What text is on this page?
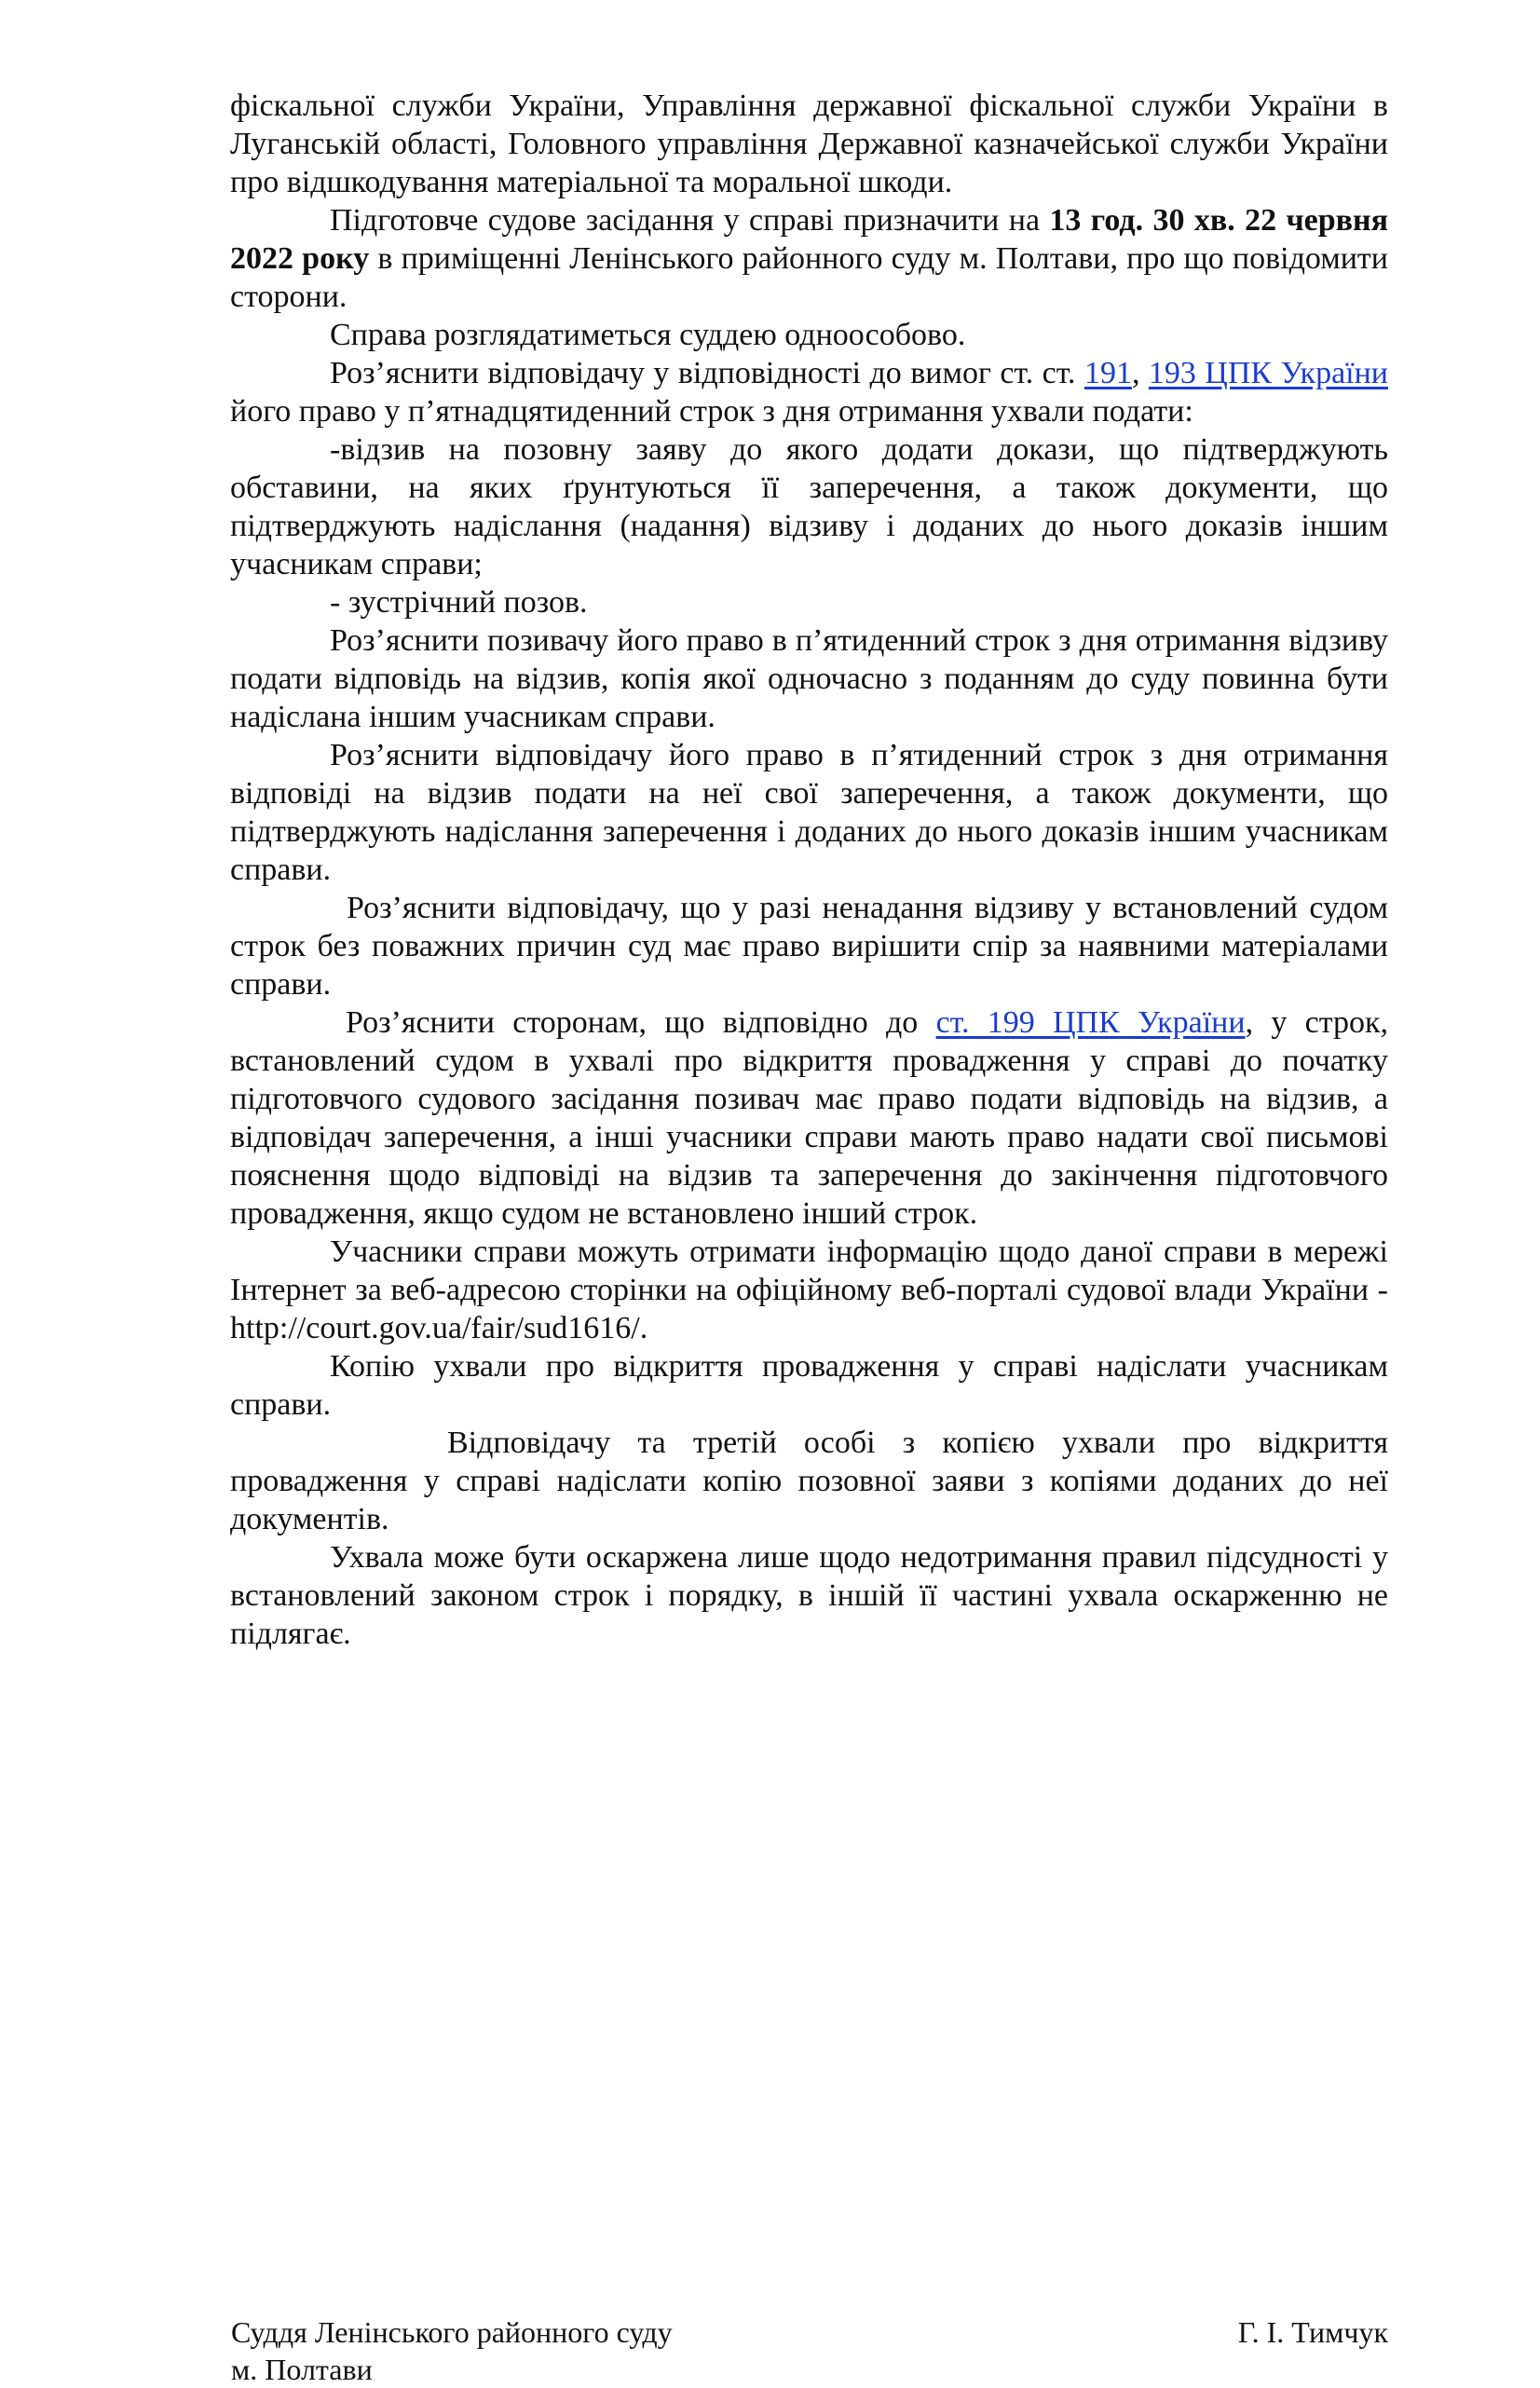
фіскальної служби України, Управління державної фіскальної служби України в Луганській області, Головного управління Державної казначейської служби України про відшкодування матеріальної та моральної шкоди.

Підготовче судове засідання у справі призначити на 13 год. 30 хв. 22 червня 2022 року в приміщенні Ленінського районного суду м. Полтави, про що повідомити сторони.

Справа розглядатиметься суддею одноособово.

Роз’яснити відповідачу у відповідності до вимог ст. ст. 191, 193 ЦПК України його право у п’ятнадцятиденний строк з дня отримання ухвали подати:

-відзив на позовну заяву до якого додати докази, що підтверджують обставини, на яких ґрунтуються її заперечення, а також документи, що підтверджують надіслання (надання) відзиву і доданих до нього доказів іншим учасникам справи;

- зустрічний позов.

Роз’яснити позивачу його право в п’ятиденний строк з дня отримання відзиву подати відповідь на відзив, копія якої одночасно з поданням до суду повинна бути надіслана іншим учасникам справи.

Роз’яснити відповідачу його право в п’ятиденний строк з дня отримання відповіді на відзив подати на неї свої заперечення, а також документи, що підтверджують надіслання заперечення і доданих до нього доказів іншим учасникам справи.

Роз’яснити відповідачу, що у разі ненадання відзиву у встановлений судом строк без поважних причин суд має право вирішити спір за наявними матеріалами справи.

Роз’яснити сторонам, що відповідно до ст. 199 ЦПК України, у строк, встановлений судом в ухвалі про відкриття провадження у справі до початку підготовчого судового засідання позивач має право подати відповідь на відзив, а відповідач заперечення, а інші учасники справи мають право надати свої письмові пояснення щодо відповіді на відзив та заперечення до закінчення підготовчого провадження, якщо судом не встановлено інший строк.

Учасники справи можуть отримати інформацію щодо даної справи в мережі Інтернет за веб-адресою сторінки на офіційному веб-порталі судової влади України - http://court.gov.ua/fair/sud1616/.

Копію ухвали про відкриття провадження у справі надіслати учасникам справи.

Відповідачу та третій особі з копією ухвали про відкриття провадження у справі надіслати копію позовної заяви з копіями доданих до неї документів.

Ухвала може бути оскаржена лише щодо недотримання правил підсудності у встановлений законом строк і порядку, в іншій її частині ухвала оскарженню не підлягає.

Суддя Ленінського районного суду
м. Полтави
Г. І. Тимчук
